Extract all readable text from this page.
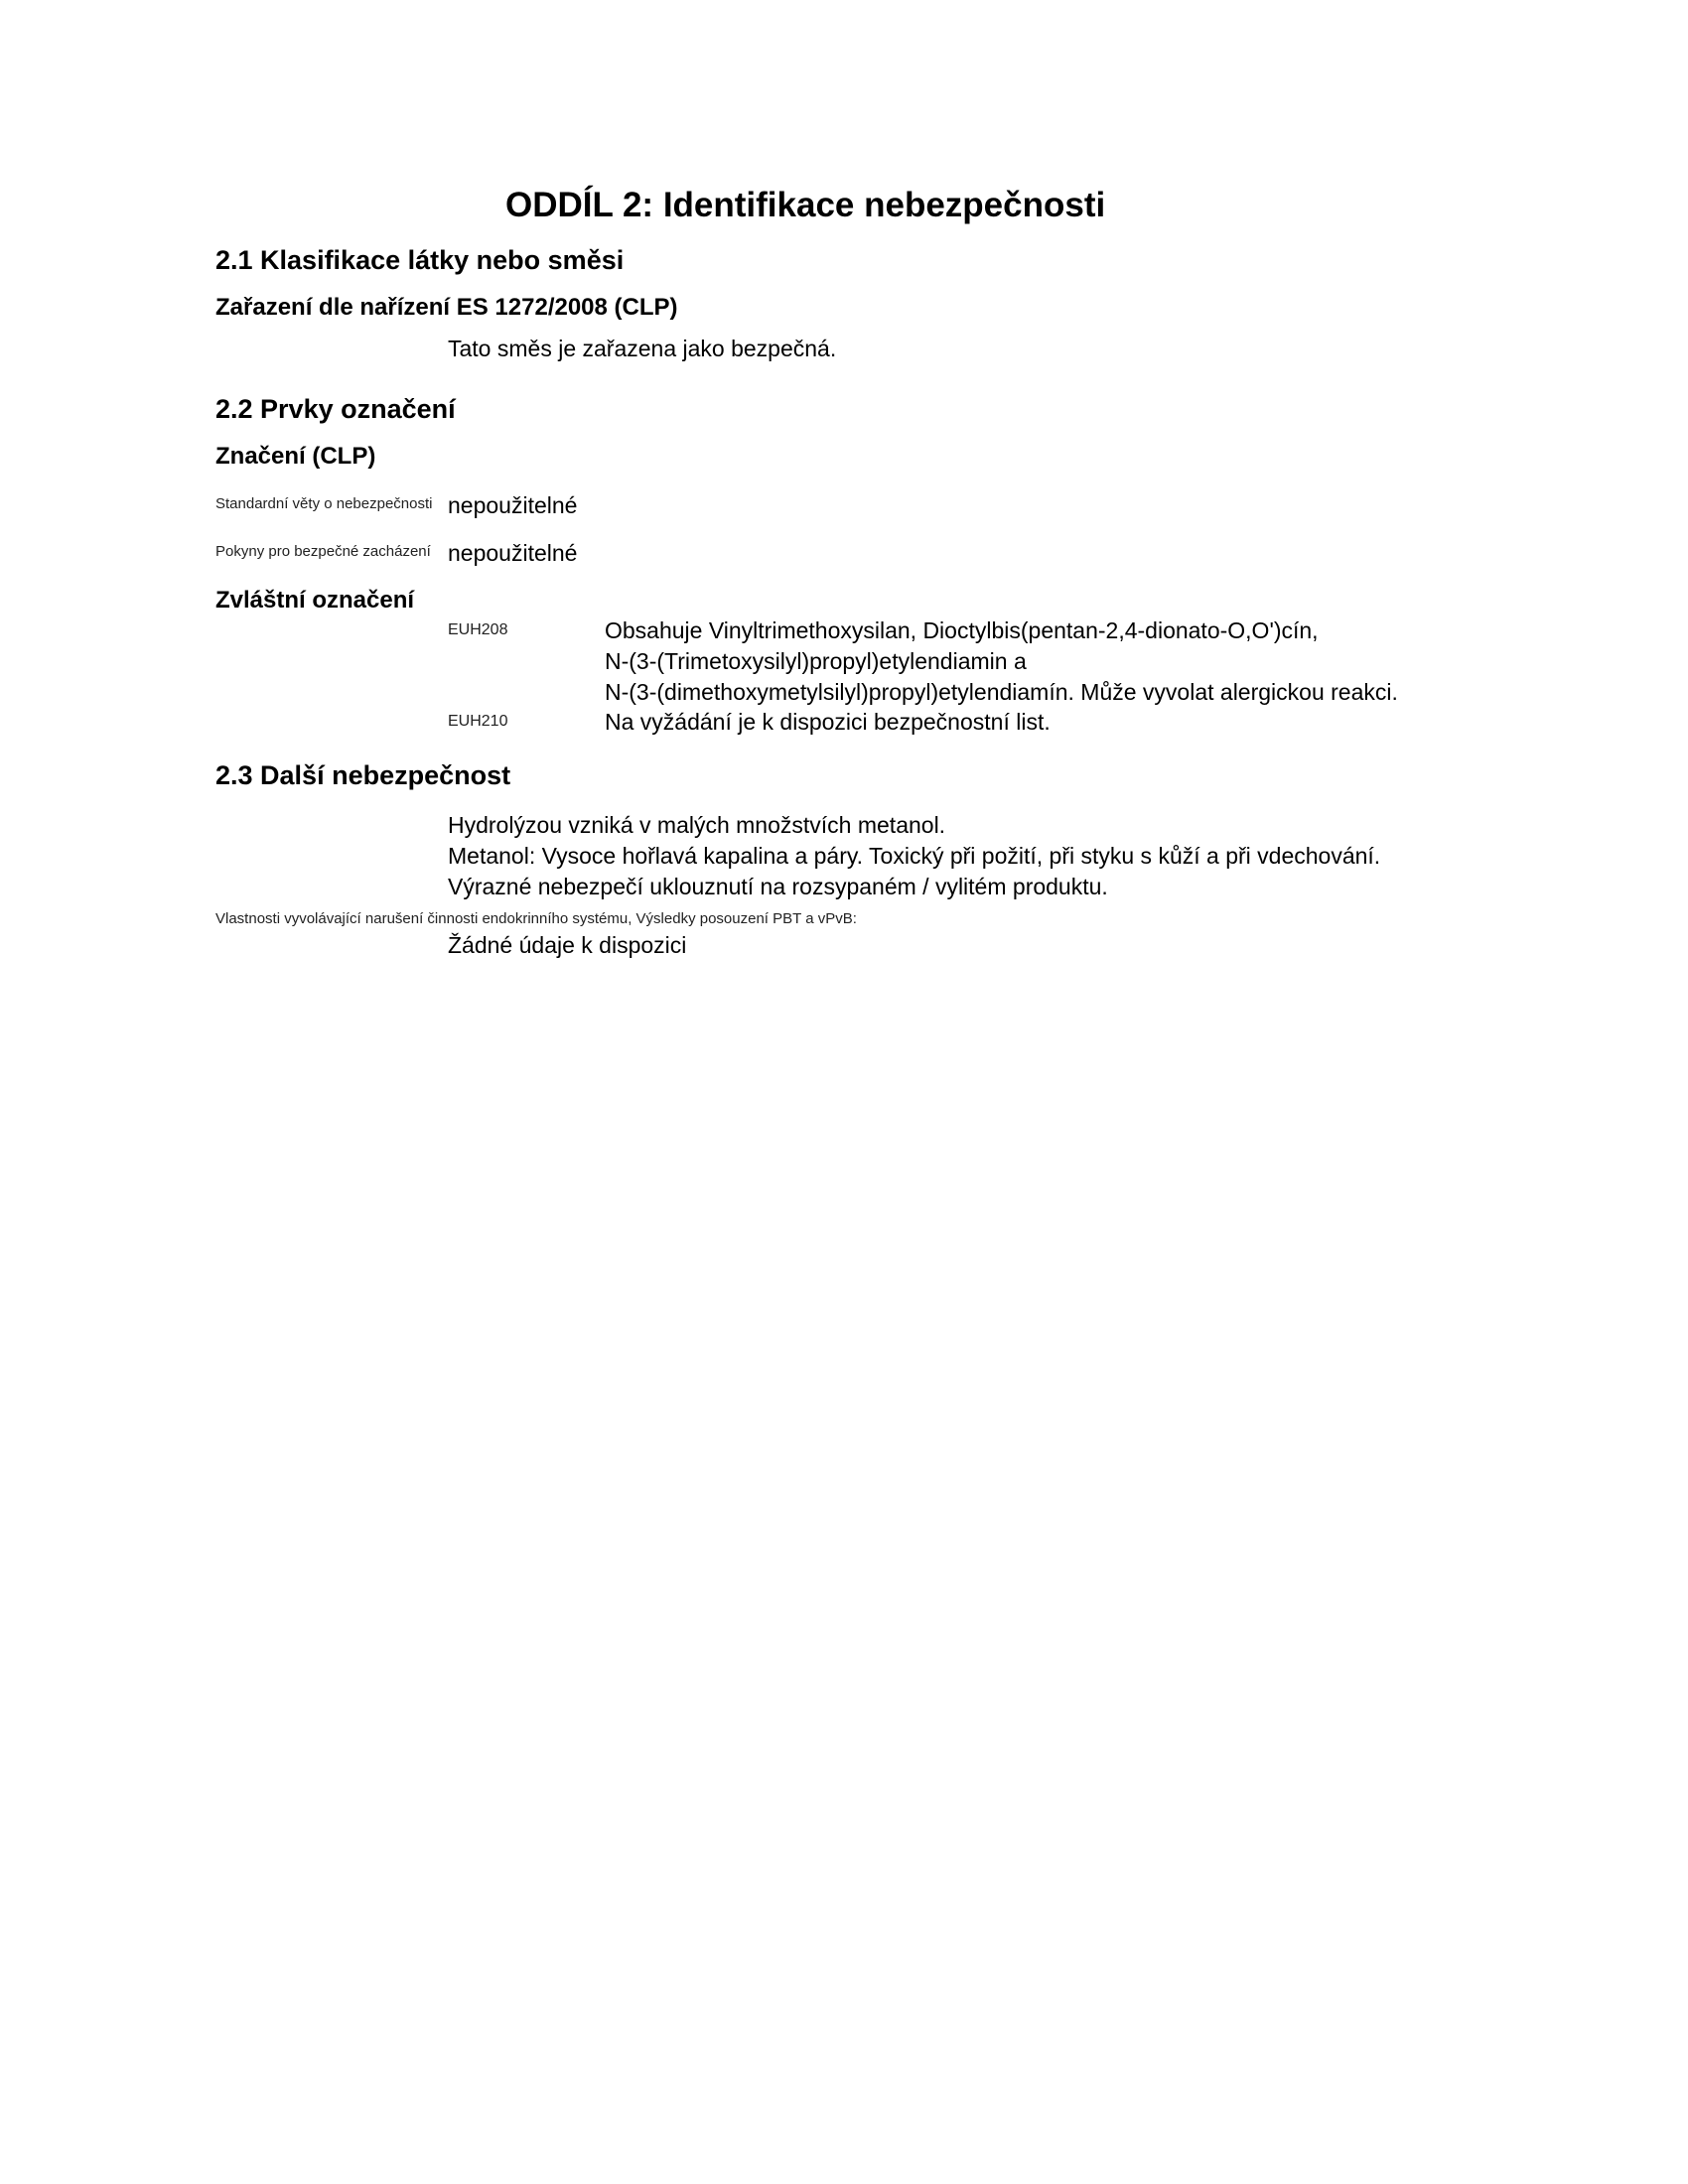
ODDÍL 2: Identifikace nebezpečnosti
2.1 Klasifikace látky nebo směsi
Zařazení dle nařízení ES 1272/2008 (CLP)
Tato směs je zařazena jako bezpečná.
2.2 Prvky označení
Značení (CLP)
Standardní věty o nebezpečnosti nepoužitelné
Pokyny pro bezpečné zacházení nepoužitelné
Zvláštní označení
EUH208	Obsahuje Vinyltrimethoxysilan, Dioctylbis(pentan-2,4-dionato-O,O')cín,
N-(3-(Trimetoxysilyl)propyl)etylendiamin a
N-(3-(dimethoxymetylsilyl)propyl)etylendiamín. Může vyvolat alergickou reakci.
EUH210	Na vyžádání je k dispozici bezpečnostní list.
2.3 Další nebezpečnost
Hydrolýzou vzniká v malých množstvích metanol.
Metanol: Vysoce hořlavá kapalina a páry. Toxický při požití, při styku s kůží a při vdechování.
Výrazné nebezpečí uklouznutí na rozsypaném / vylitém produktu.
Vlastnosti vyvolávající narušení činnosti endokrinního systému, Výsledky posouzení PBT a vPvB:
Žádné údaje k dispozici
